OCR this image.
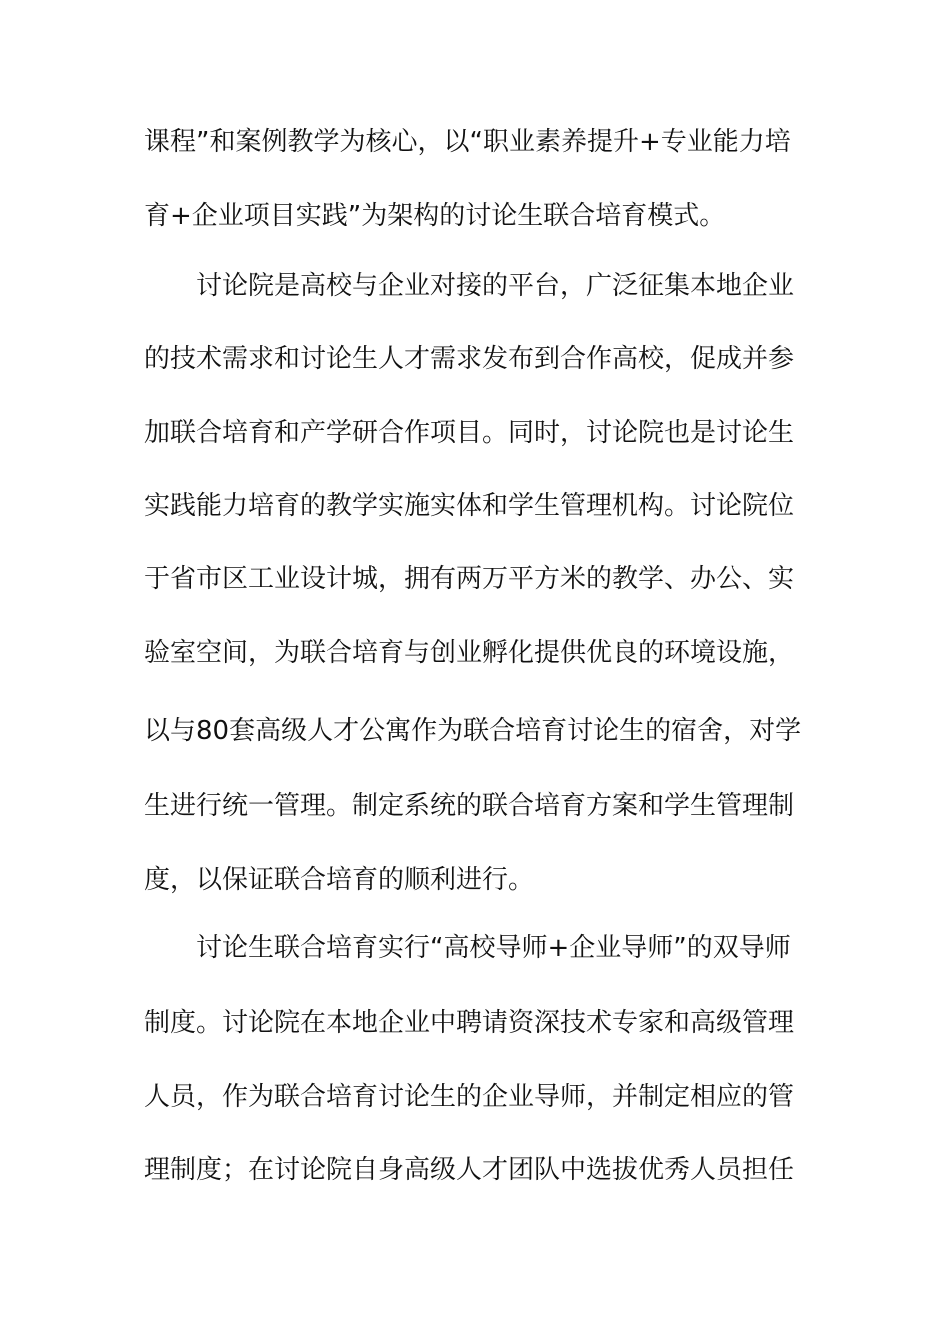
课程”和案例教学为核心，以“职业素养提升+专业能力培
育+企业项目实践”为架构的讨论生联合培育模式。
讨论院是高校与企业对接的平台，广泛征集本地企业
的技术需求和讨论生人才需求发布到合作高校，促成并参
加联合培育和产学研合作项目。同时，讨论院也是讨论生
实践能力培育的教学实施实体和学生管理机构。讨论院位
于省市区工业设计城，拥有两万平方米的教学、办公、实
验室空间，为联合培育与创业孵化提供优良的环境设施，
以与80套高级人才公寓作为联合培育讨论生的宿舍，对学
生进行统一管理。制定系统的联合培育方案和学生管理制
度，以保证联合培育的顺利进行。
讨论生联合培育实行“高校导师+企业导师”的双导师
制度。讨论院在本地企业中聘请资深技术专家和高级管理
人员，作为联合培育讨论生的企业导师，并制定相应的管
理制度；在讨论院自身高级人才团队中选拔优秀人员担任
